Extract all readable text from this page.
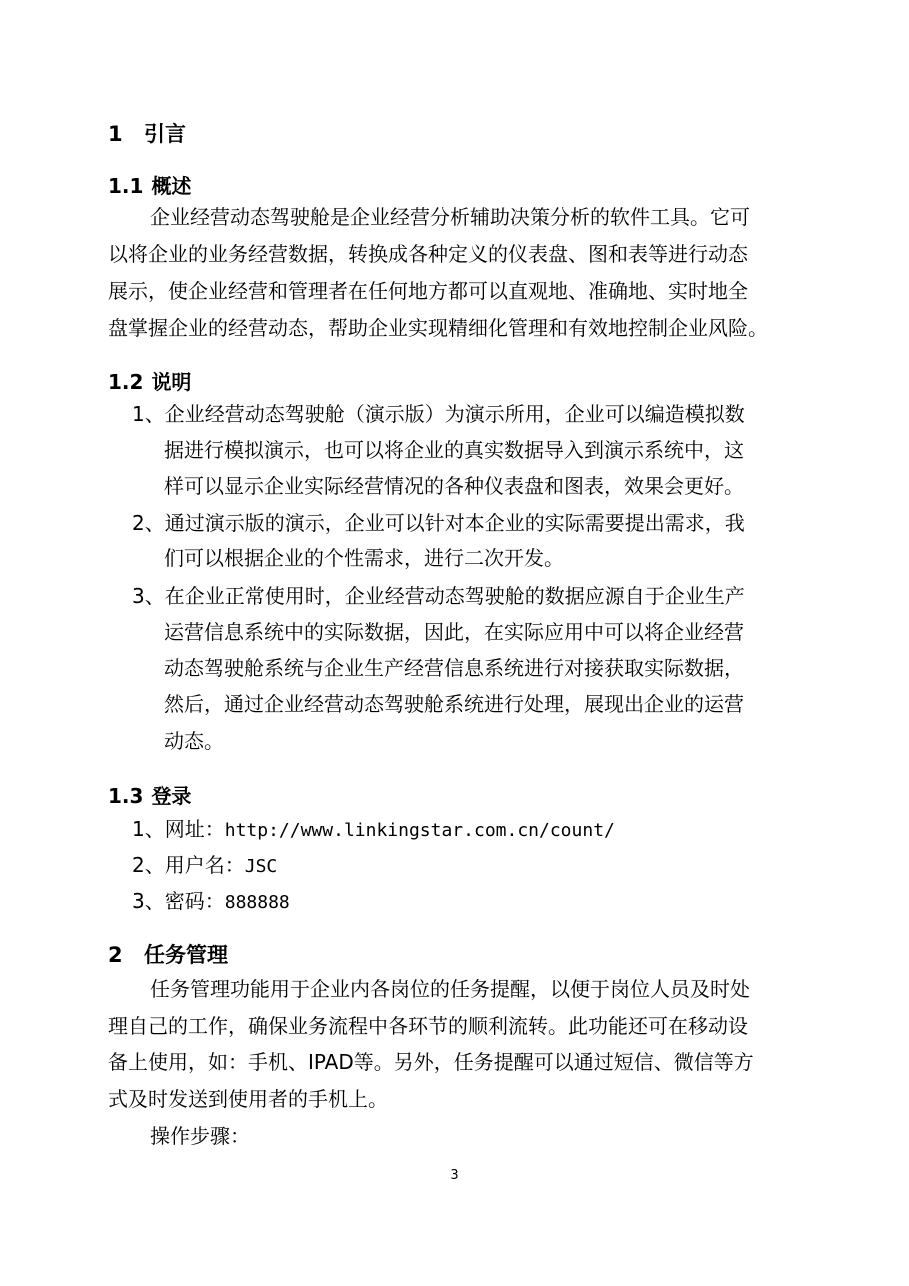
1 引言
1.1 概述
企业经营动态驾驶舱是企业经营分析辅助决策分析的软件工具。它可
以将企业的业务经营数据，转换成各种定义的仪表盘、图和表等进行动态
展示，使企业经营和管理者在任何地方都可以直观地、准确地、实时地全
盘掌握企业的经营动态，帮助企业实现精细化管理和有效地控制企业风险。
1.2 说明
1、企业经营动态驾驶舱（演示版）为演示所用，企业可以编造模拟数
据进行模拟演示，也可以将企业的真实数据导入到演示系统中，这
样可以显示企业实际经营情况的各种仪表盘和图表，效果会更好。
2、通过演示版的演示，企业可以针对本企业的实际需要提出需求，我
们可以根据企业的个性需求，进行二次开发。
3、在企业正常使用时，企业经营动态驾驶舱的数据应源自于企业生产
运营信息系统中的实际数据，因此，在实际应用中可以将企业经营
动态驾驶舱系统与企业生产经营信息系统进行对接获取实际数据，
然后，通过企业经营动态驾驶舱系统进行处理，展现出企业的运营
动态。
1.3 登录
1、网址：http://www.linkingstar.com.cn/count/
2、用户名：JSC
3、密码：888888
2 任务管理
任务管理功能用于企业内各岗位的任务提醒，以便于岗位人员及时处
理自己的工作，确保业务流程中各环节的顺利流转。此功能还可在移动设
备上使用，如：手机、IPAD等。另外，任务提醒可以通过短信、微信等方
式及时发送到使用者的手机上。
操作步骤：
3
